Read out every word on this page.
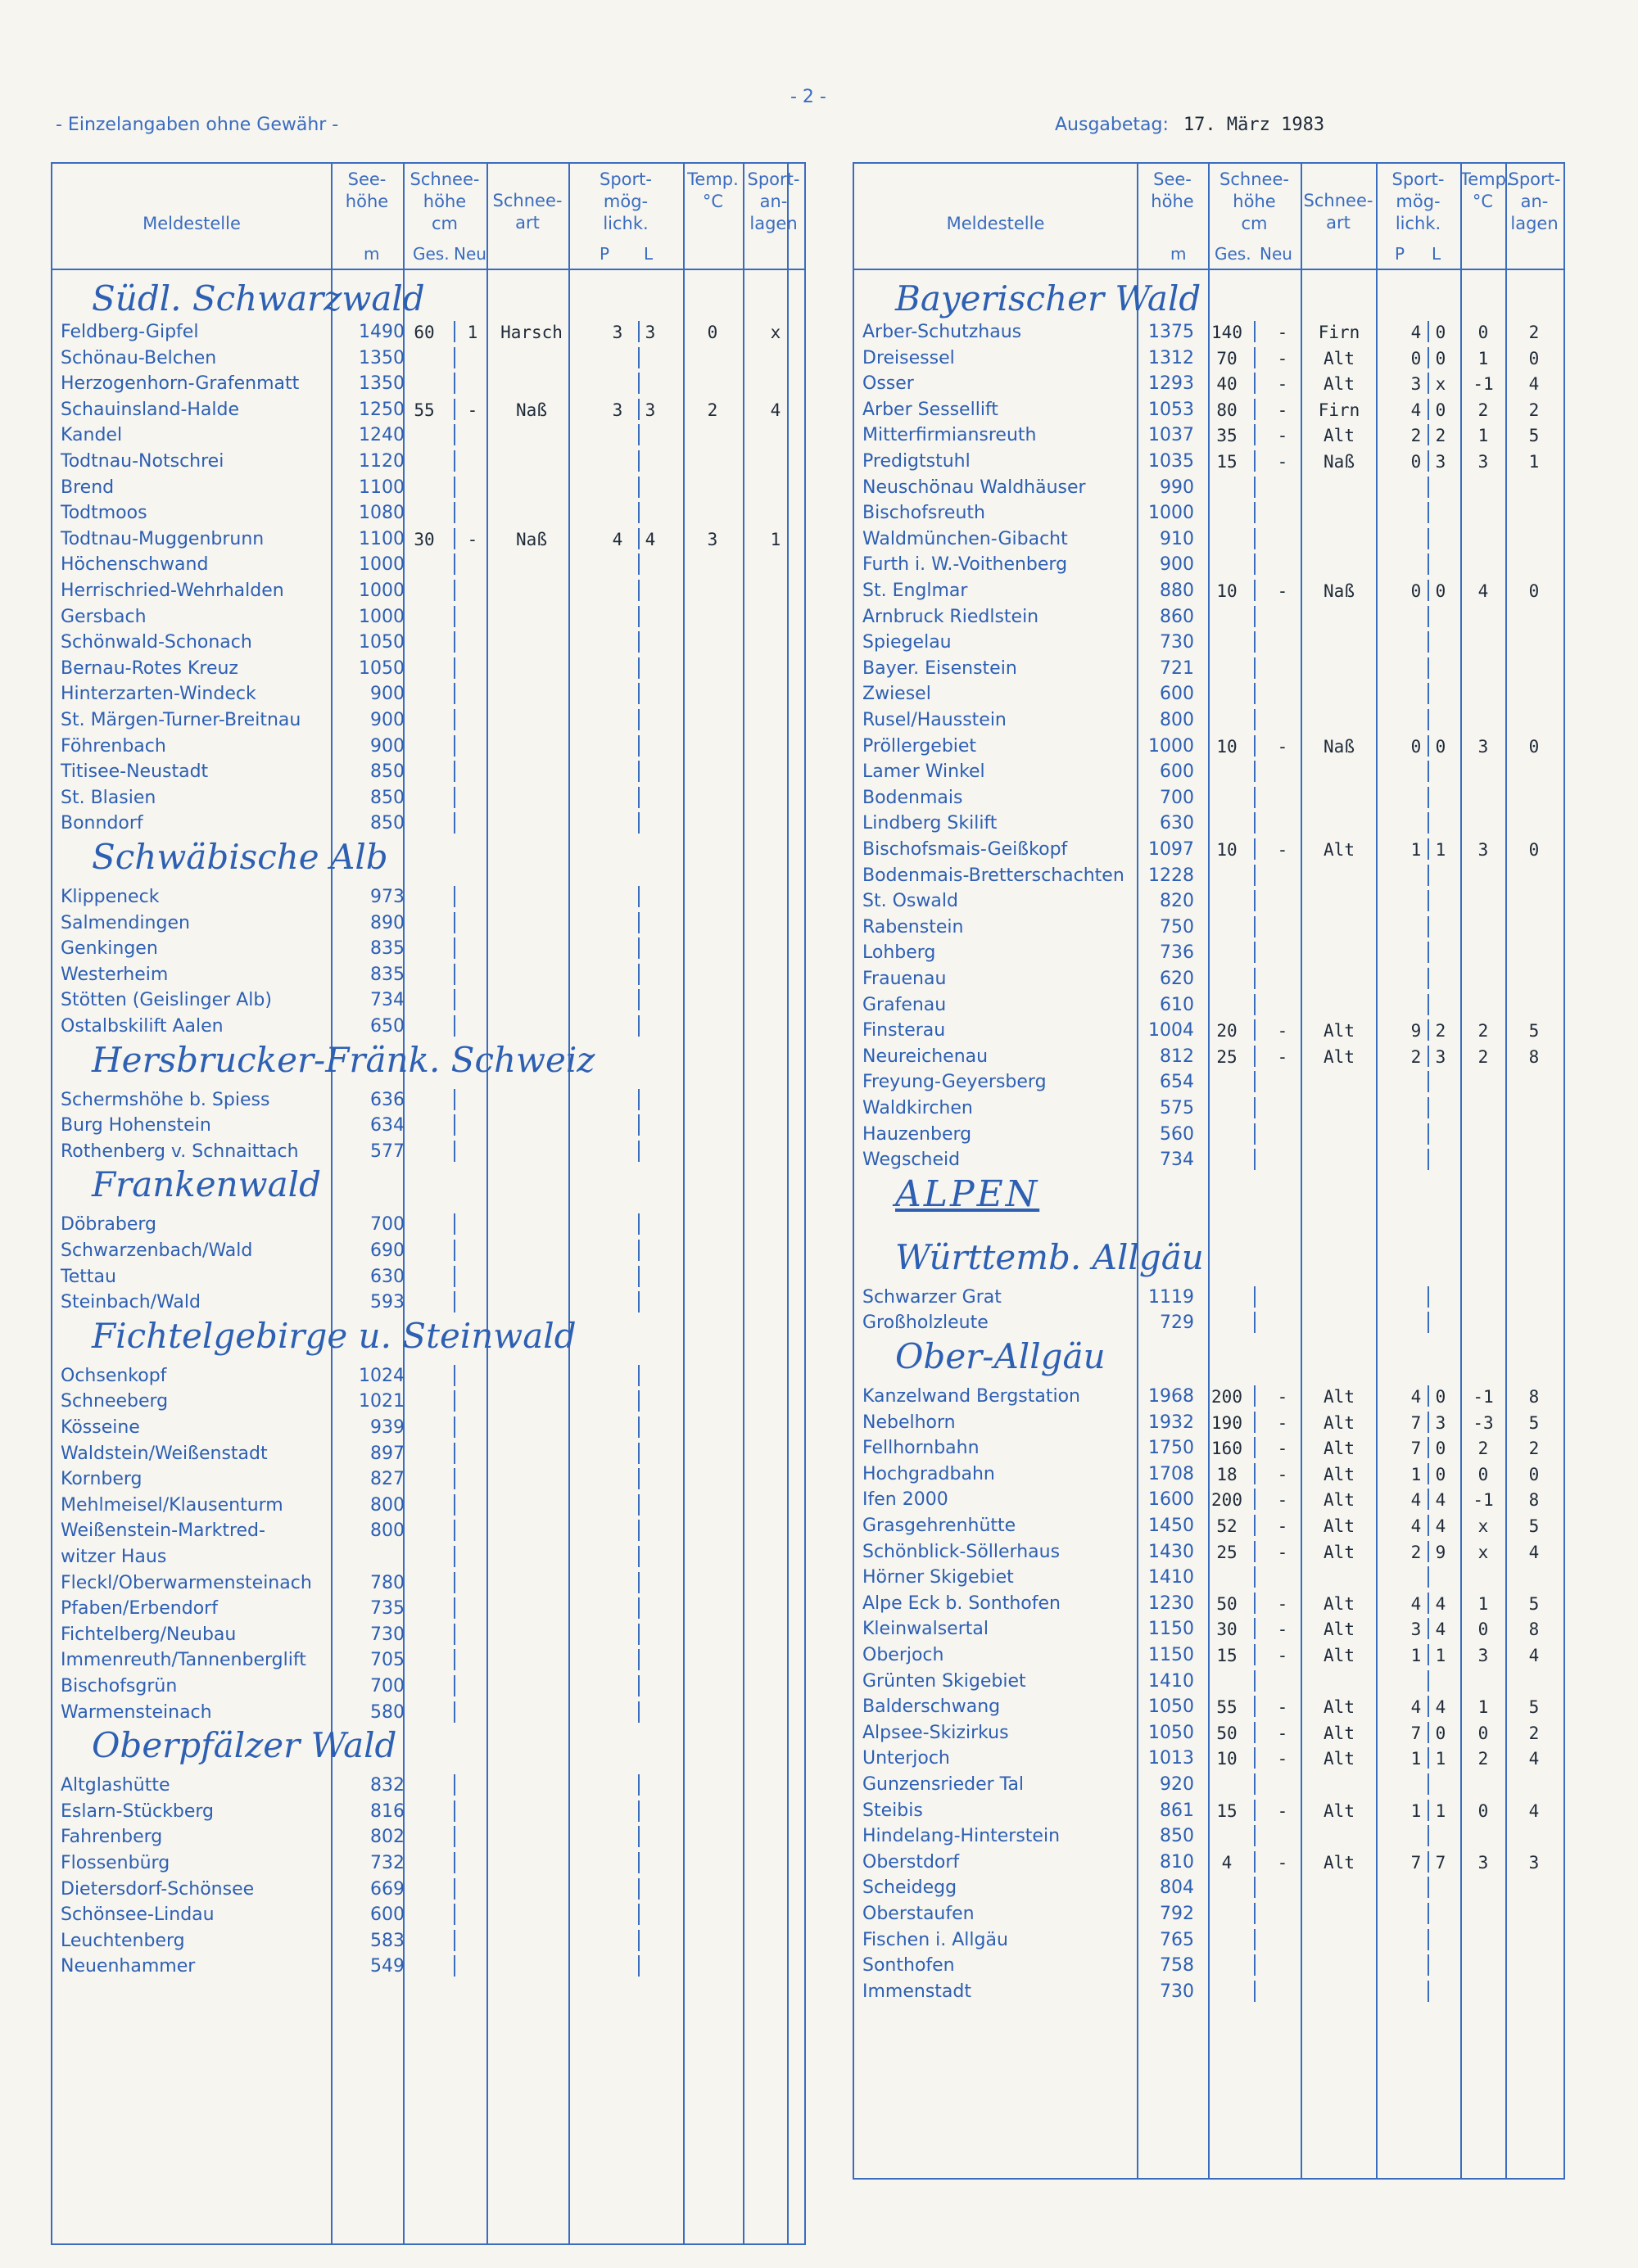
- Einzelangaben ohne Gewähr -
- 2 -
Ausgabetag: 17. März 1983
Meldestelle
See-
höhe
Schnee-
höhe
cm
Schnee-
art
Sport-
mög-
lichk.
Temp.
°C
Sport-
an-
lagen
m Ges. Neu	P L
Südl. Schwarzwald
Feldberg-Gipfel	1490 60	1	Harsch	3 3	0	x
Schönau-Belchen	1350
Herzogenhorn-Grafenmatt	1350
Schauinsland-Halde	1250 55	-	Naß	3 3	2	4
Kandel	1240
Todtnau-Notschrei	1120
Brend	1100
Todtmoos	1080
Todtnau-Muggenbrunn	1100 30	-	Naß	4 4	3	1
Höchenschwand	1000
Herrischried-Wehrhalden	1000
Gersbach	1000
Schönwald-Schonach	1050
Bernau-Rotes Kreuz	1050
Hinterzarten-Windeck	900
St. Märgen-Turner-Breitnau	900
Föhrenbach	900
Titisee-Neustadt	850
St. Blasien	850
Bonndorf	850
Schwäbische Alb
Klippeneck	973
Salmendingen	890
Genkingen	835
Westerheim	835
Stötten (Geislinger Alb)	734
Ostalbskilift Aalen	650
Hersbrucker-Fränk. Schweiz
Schermshöhe b. Spiess	636
Burg Hohenstein	634
Rothenberg v. Schnaittach	577
Frankenwald
Döbraberg	700
Schwarzenbach/Wald	690
Tettau	630
Steinbach/Wald	593
Fichtelgebirge u. Steinwald
Ochsenkopf	1024
Schneeberg	1021
Kösseine	939
Waldstein/Weißenstadt	897
Kornberg	827
Mehlmeisel/Klausenturm	800
Weißenstein-Marktred-	800
witzer Haus
Fleckl/Oberwarmensteinach	780
Pfaben/Erbendorf	735
Fichtelberg/Neubau	730
Immenreuth/Tannenberglift	705
Bischofsgrün	700
Warmensteinach	580
Oberpfälzer Wald
Altglashütte	832
Eslarn-Stückberg	816
Fahrenberg	802
Flossenbürg	732
Dietersdorf-Schönsee	669
Schönsee-Lindau	600
Leuchtenberg	583
Neuenhammer	549
Meldestelle
See-
höhe
Schnee-
höhe
cm
Schnee-
art
Sport-
mög-
lichk.
Temp.
°C
Sport-
an-
lagen
m Ges. Neu	P L
Bayerischer Wald
Arber-Schutzhaus	1375 140	-	Firn	4 0	0	2
Dreisessel	1312	70	-	Alt	0 0	1	0
Osser	1293	40	-	Alt	3 x	-1	4
Arber Sessellift	1053	80	-	Firn	4 0	2	2
Mitterfirmiansreuth	1037	35	-	Alt	2 2	1	5
Predigtstuhl	1035	15	-	Naß	0 3	3	1
Neuschönau Waldhäuser	990
Bischofsreuth	1000
Waldmünchen-Gibacht	910
Furth i. W.-Voithenberg	900
St. Englmar	880	10	-	Naß	0 0	4	0
Arnbruck Riedlstein	860
Spiegelau	730
Bayer. Eisenstein	721
Zwiesel	600
Rusel/Hausstein	800
Pröllergebiet	1000	10	-	Naß	0 0	3	0
Lamer Winkel	600
Bodenmais	700
Lindberg Skilift	630
Bischofsmais-Geißkopf	1097	10	-	Alt	1 1	3	0
Bodenmais-Bretterschachten	1228
St. Oswald	820
Rabenstein	750
Lohberg	736
Frauenau	620
Grafenau	610
Finsterau	1004	20	-	Alt	9 2	2	5
Neureichenau	812	25	-	Alt	2 3	2	8
Freyung-Geyersberg	654
Waldkirchen	575
Hauzenberg	560
Wegscheid	734
ALPEN
Württemb. Allgäu
Schwarzer Grat	1119
Großholzleute	729
Ober-Allgäu
Kanzelwand Bergstation	1968 200	-	Alt	4 0	-1	8
Nebelhorn	1932 190	-	Alt	7 3	-3	5
Fellhornbahn	1750 160	-	Alt	7 0	2	2
Hochgradbahn	1708	18	-	Alt	1 0	0	0
Ifen 2000	1600 200	-	Alt	4 4	-1	8
Grasgehrenhütte	1450	52	-	Alt	4 4	x	5
Schönblick-Söllerhaus	1430	25	-	Alt	2 9	x	4
Hörner Skigebiet	1410
Alpe Eck b. Sonthofen	1230	50	-	Alt	4 4	1	5
Kleinwalsertal	1150	30	-	Alt	3 4	0	8
Oberjoch	1150	15	-	Alt	1 1	3	4
Grünten Skigebiet	1410
Balderschwang	1050	55	-	Alt	4 4	1	5
Alpsee-Skizirkus	1050	50	-	Alt	7 0	0	2
Unterjoch	1013	10	-	Alt	1 1	2	4
Gunzensrieder Tal	920
Steibis	861	15	-	Alt	1 1	0	4
Hindelang-Hinterstein	850
Oberstdorf	810	4	-	Alt	7 7	3	3
Scheidegg	804
Oberstaufen	792
Fischen i. Allgäu	765
Sonthofen	758
Immenstadt	730
